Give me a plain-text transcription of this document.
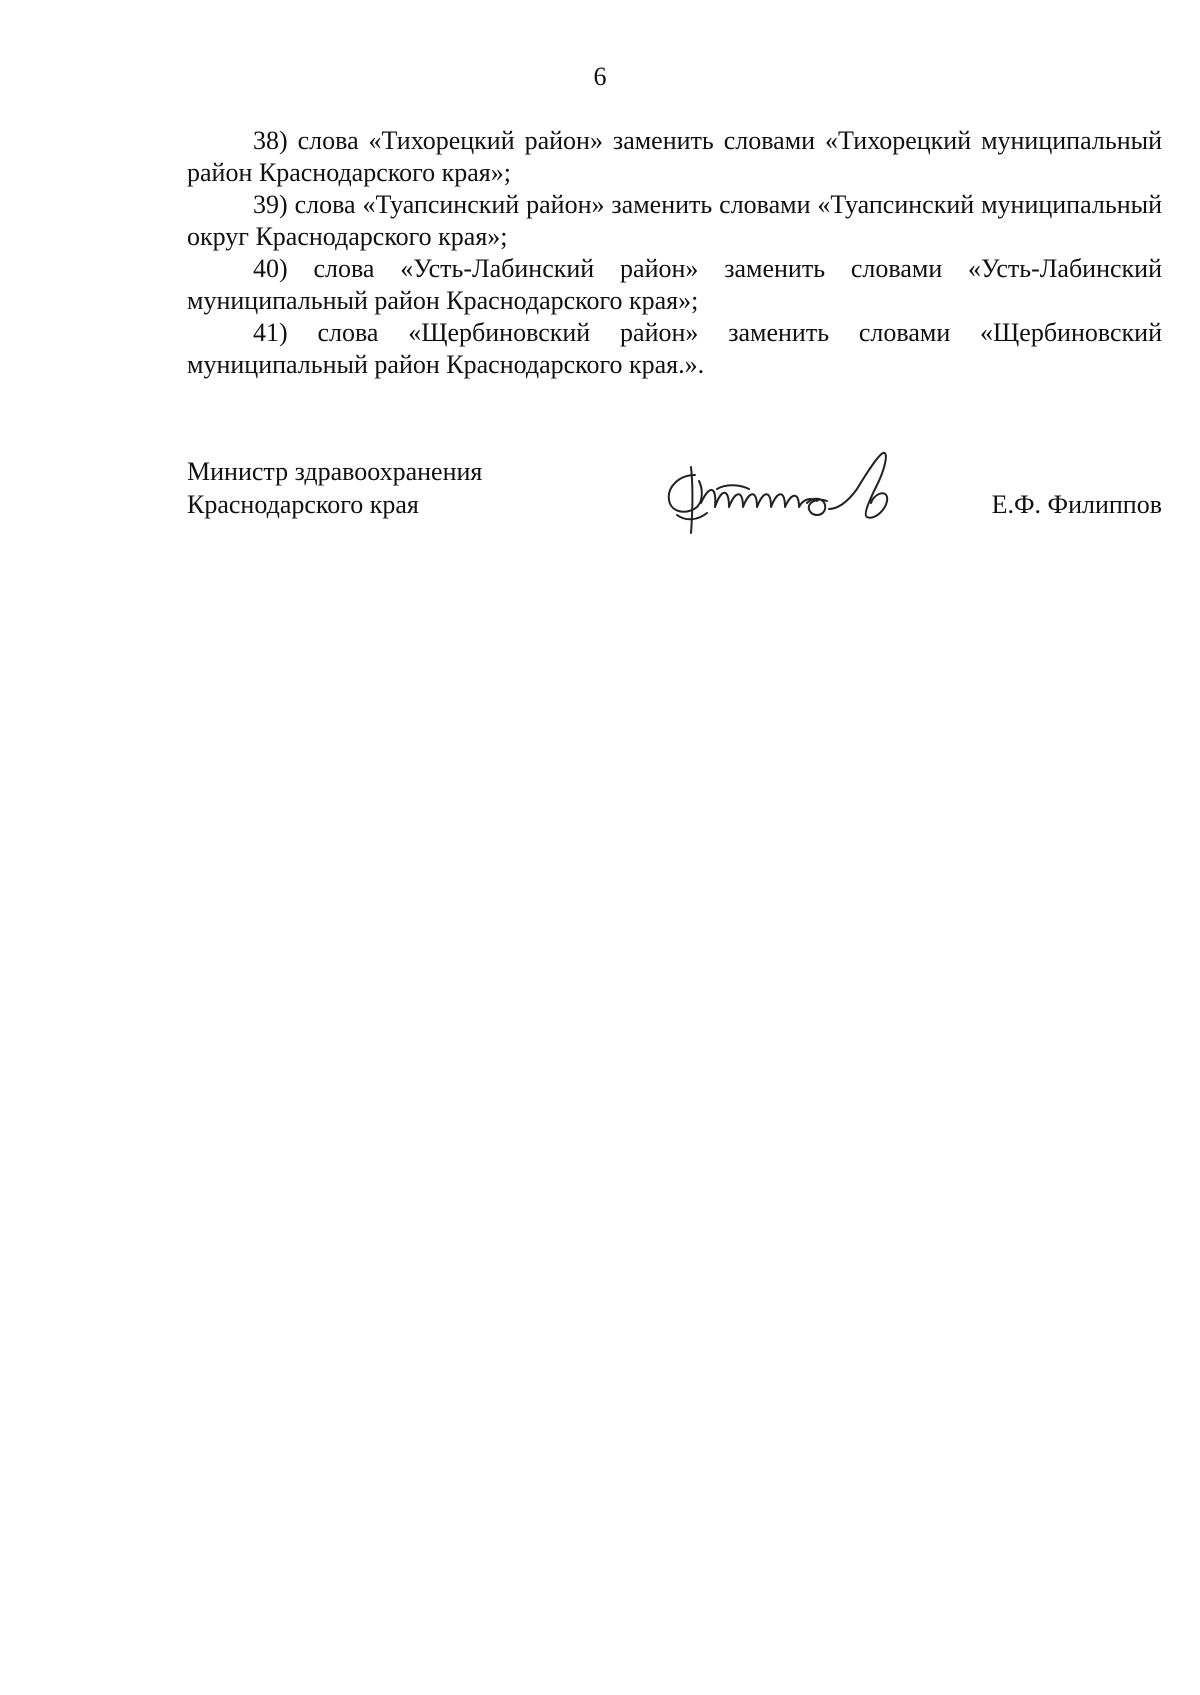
6

38) слова «Тихорецкий район» заменить словами «Тихорецкий муниципальный район Краснодарского края»;

39) слова «Туапсинский район» заменить словами «Туапсинский муниципальный округ Краснодарского края»;

40) слова «Усть-Лабинский район» заменить словами «Усть-Лабинский муниципальный район Краснодарского края»;

41) слова «Щербиновский район» заменить словами «Щербиновский муниципальный район Краснодарского края.».

Министр здравоохранения
Краснодарского края	Е.Ф. Филиппов
